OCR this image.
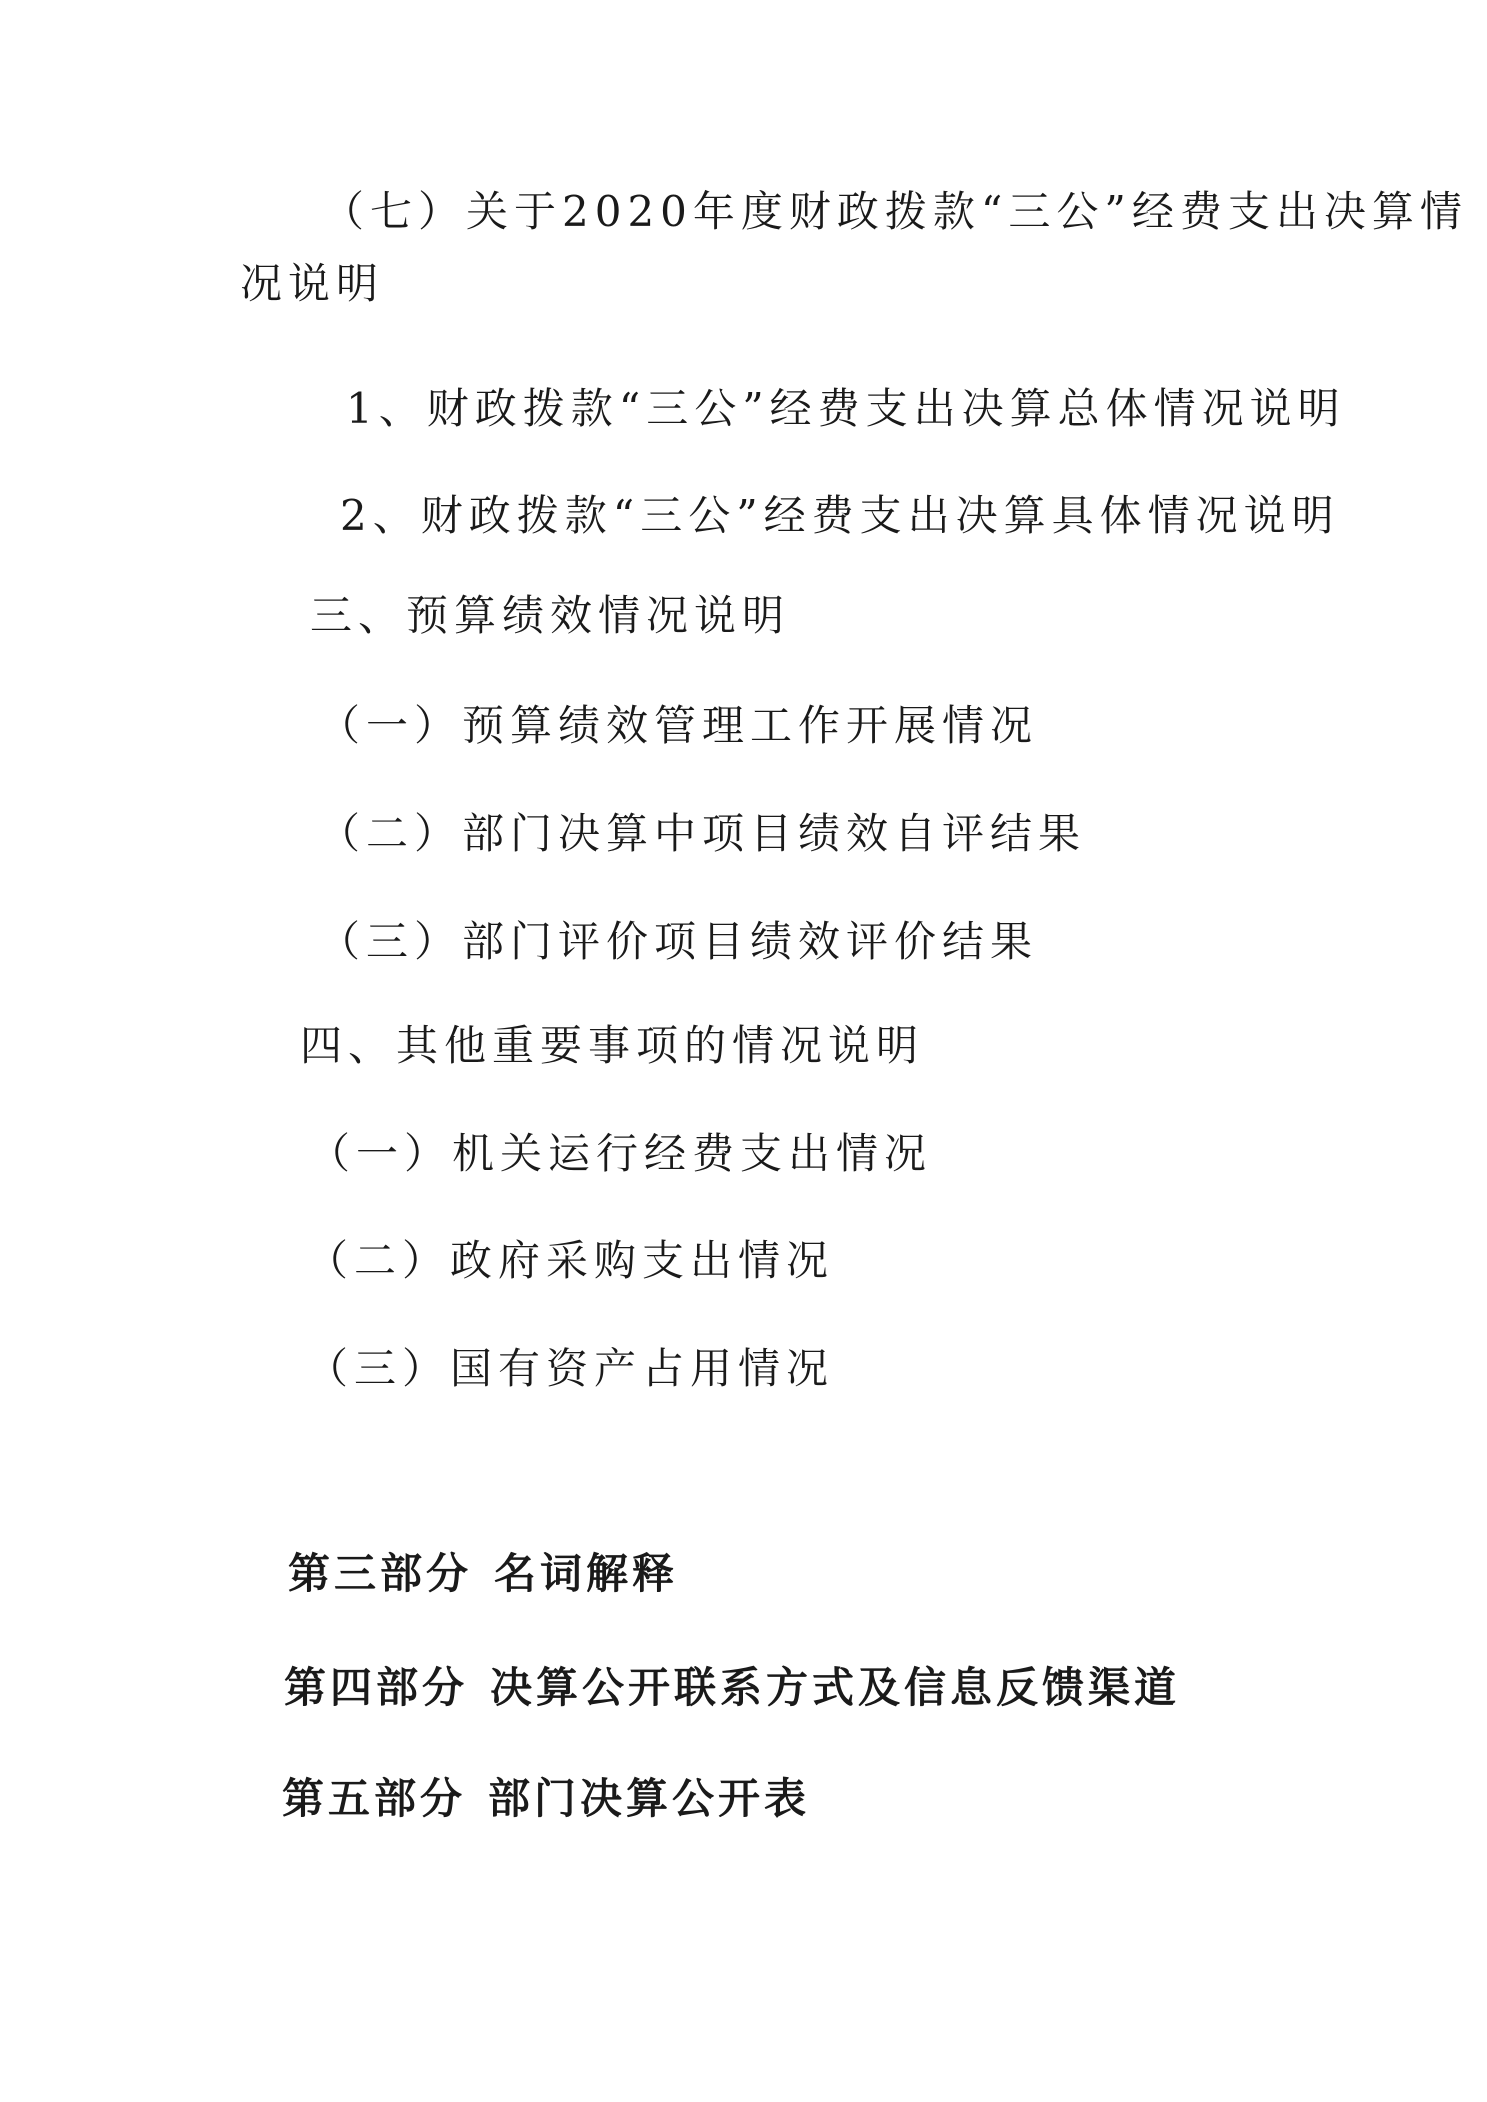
（七）关于2020年度财政拨款“三公”经费支出决算情
况说明
1、财政拨款“三公”经费支出决算总体情况说明
2、财政拨款“三公”经费支出决算具体情况说明
三、预算绩效情况说明
（一）预算绩效管理工作开展情况
（二）部门决算中项目绩效自评结果
（三）部门评价项目绩效评价结果
四、其他重要事项的情况说明
（一）机关运行经费支出情况
（二）政府采购支出情况
（三）国有资产占用情况
第三部分 名词解释
第四部分 决算公开联系方式及信息反馈渠道
第五部分 部门决算公开表
